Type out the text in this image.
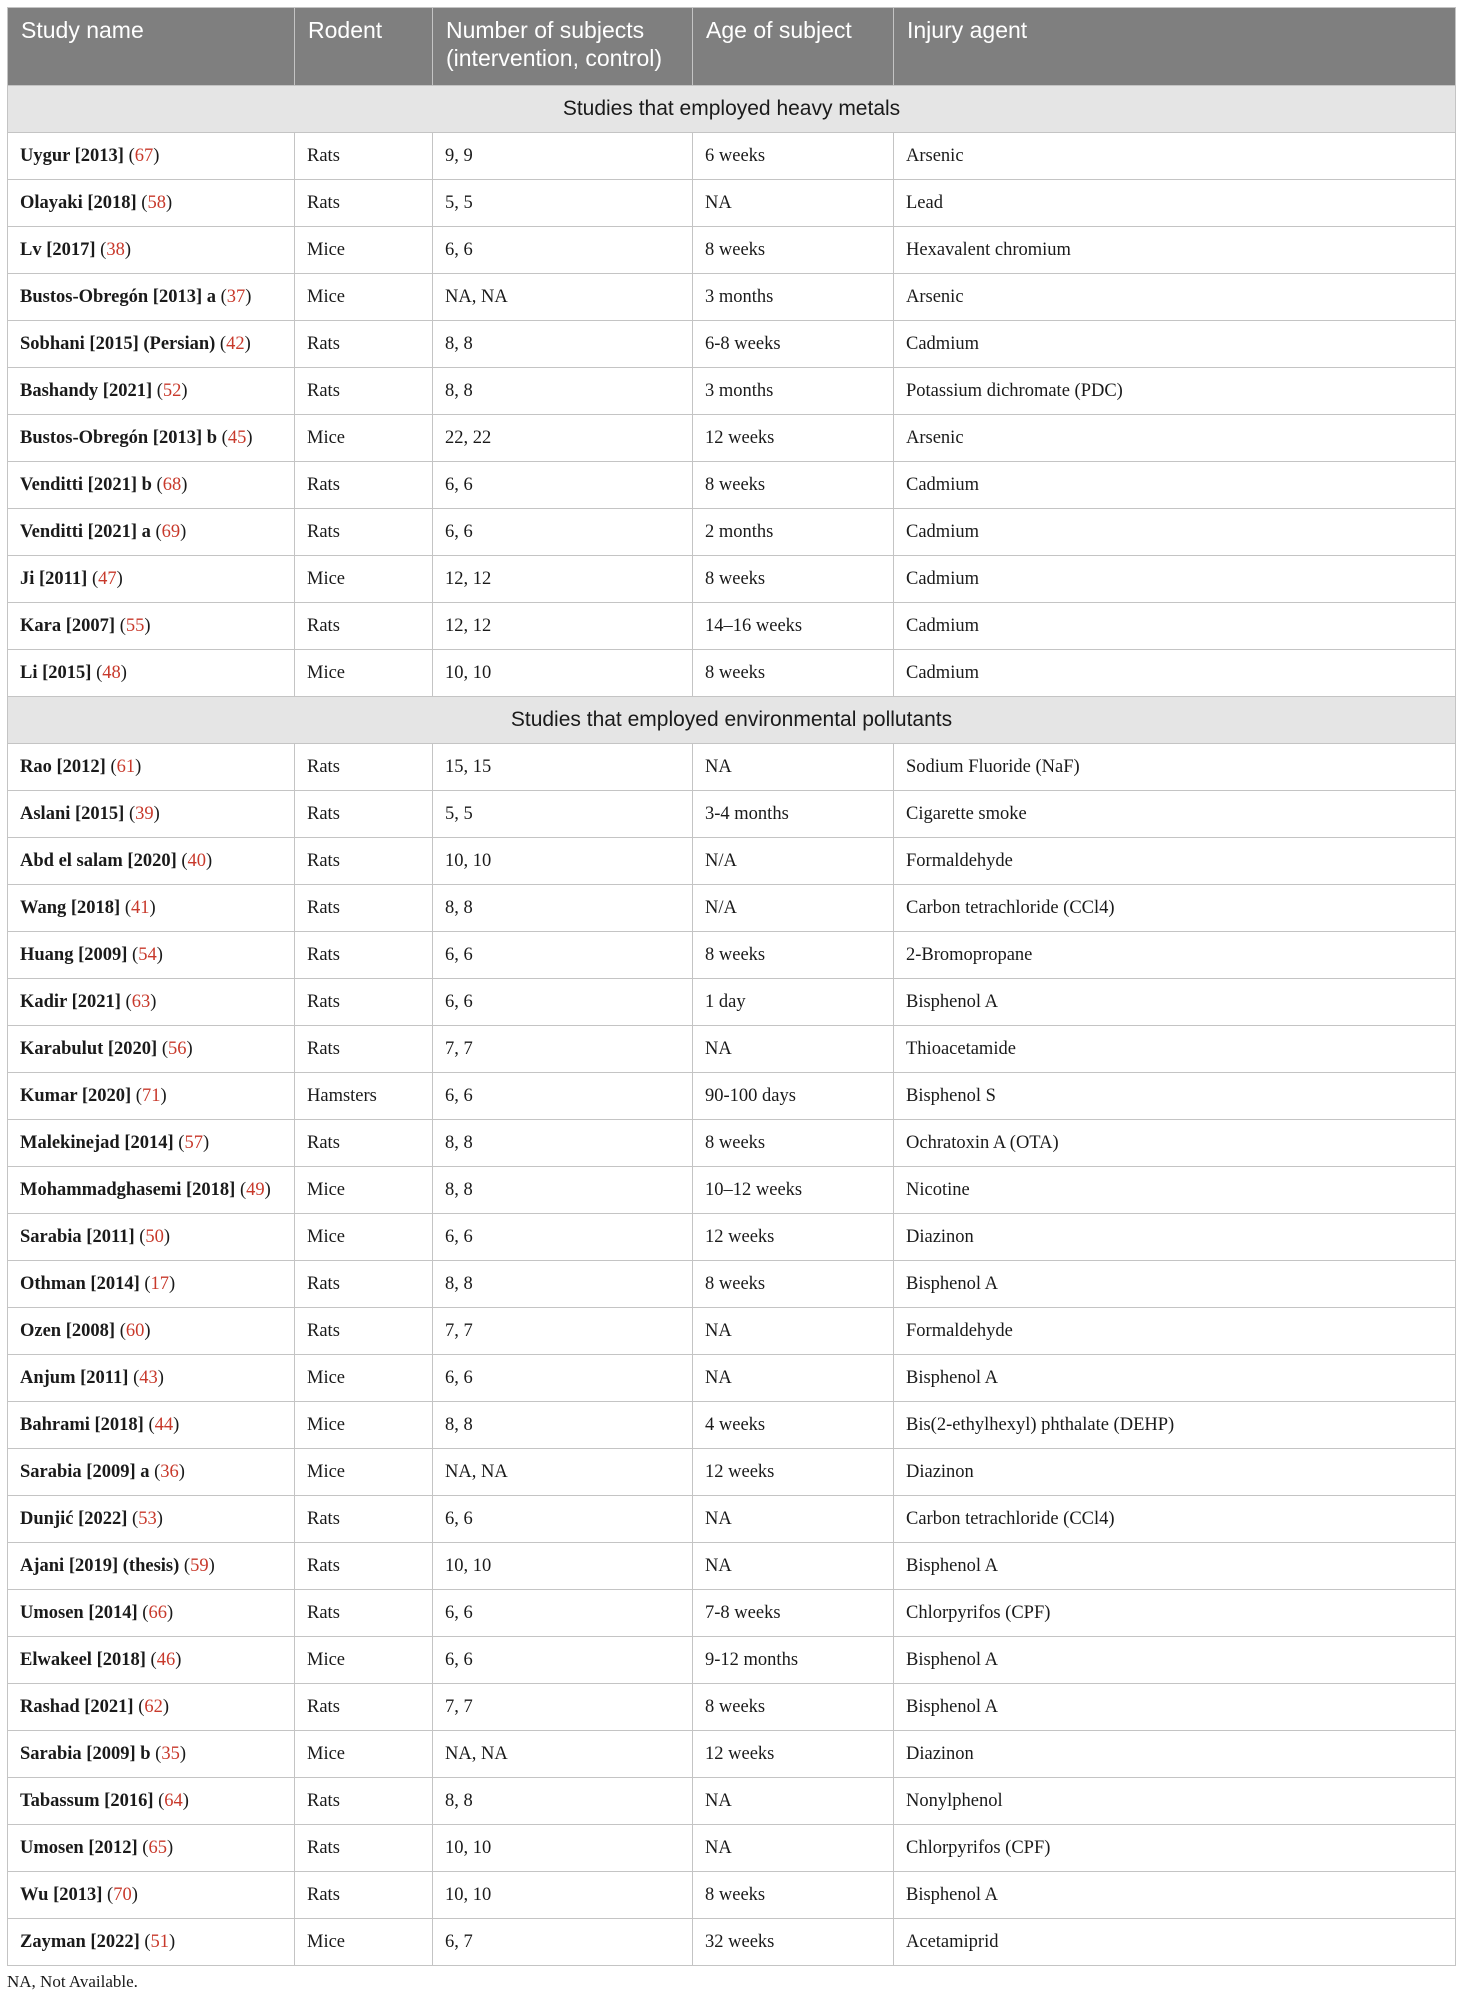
Study name	Rodent	Number of subjects (intervention, control)	Age of subject	Injury agent
Studies that employed heavy metals				
Uygur [2013] (67)	Rats	9, 9	6 weeks	Arsenic
Olayaki [2018] (58)	Rats	5, 5	NA	Lead
Lv [2017] (38)	Mice	6, 6	8 weeks	Hexavalent chromium
Bustos-Obregón [2013] a (37)	Mice	NA, NA	3 months	Arsenic
Sobhani [2015] (Persian) (42)	Rats	8, 8	6-8 weeks	Cadmium
Bashandy [2021] (52)	Rats	8, 8	3 months	Potassium dichromate (PDC)
Bustos-Obregón [2013] b (45)	Mice	22, 22	12 weeks	Arsenic
Venditti [2021] b (68)	Rats	6, 6	8 weeks	Cadmium
Venditti [2021] a (69)	Rats	6, 6	2 months	Cadmium
Ji [2011] (47)	Mice	12, 12	8 weeks	Cadmium
Kara [2007] (55)	Rats	12, 12	14–16 weeks	Cadmium
Li [2015] (48)	Mice	10, 10	8 weeks	Cadmium
Studies that employed environmental pollutants				
Rao [2012] (61)	Rats	15, 15	NA	Sodium Fluoride (NaF)
Aslani [2015] (39)	Rats	5, 5	3-4 months	Cigarette smoke
Abd el salam [2020] (40)	Rats	10, 10	N/A	Formaldehyde
Wang [2018] (41)	Rats	8, 8	N/A	Carbon tetrachloride (CCl4)
Huang [2009] (54)	Rats	6, 6	8 weeks	2-Bromopropane
Kadir [2021] (63)	Rats	6, 6	1 day	Bisphenol A
Karabulut [2020] (56)	Rats	7, 7	NA	Thioacetamide
Kumar [2020] (71)	Hamsters	6, 6	90-100 days	Bisphenol S
Malekinejad [2014] (57)	Rats	8, 8	8 weeks	Ochratoxin A (OTA)
Mohammadghasemi [2018] (49)	Mice	8, 8	10–12 weeks	Nicotine
Sarabia [2011] (50)	Mice	6, 6	12 weeks	Diazinon
Othman [2014] (17)	Rats	8, 8	8 weeks	Bisphenol A
Ozen [2008] (60)	Rats	7, 7	NA	Formaldehyde
Anjum [2011] (43)	Mice	6, 6	NA	Bisphenol A
Bahrami [2018] (44)	Mice	8, 8	4 weeks	Bis(2-ethylhexyl) phthalate (DEHP)
Sarabia [2009] a (36)	Mice	NA, NA	12 weeks	Diazinon
Dunjić [2022] (53)	Rats	6, 6	NA	Carbon tetrachloride (CCl4)
Ajani [2019] (thesis) (59)	Rats	10, 10	NA	Bisphenol A
Umosen [2014] (66)	Rats	6, 6	7-8 weeks	Chlorpyrifos (CPF)
Elwakeel [2018] (46)	Mice	6, 6	9-12 months	Bisphenol A
Rashad [2021] (62)	Rats	7, 7	8 weeks	Bisphenol A
Sarabia [2009] b (35)	Mice	NA, NA	12 weeks	Diazinon
Tabassum [2016] (64)	Rats	8, 8	NA	Nonylphenol
Umosen [2012] (65)	Rats	10, 10	NA	Chlorpyrifos (CPF)
Wu [2013] (70)	Rats	10, 10	8 weeks	Bisphenol A
Zayman [2022] (51)	Mice	6, 7	32 weeks	Acetamiprid
NA, Not Available.
